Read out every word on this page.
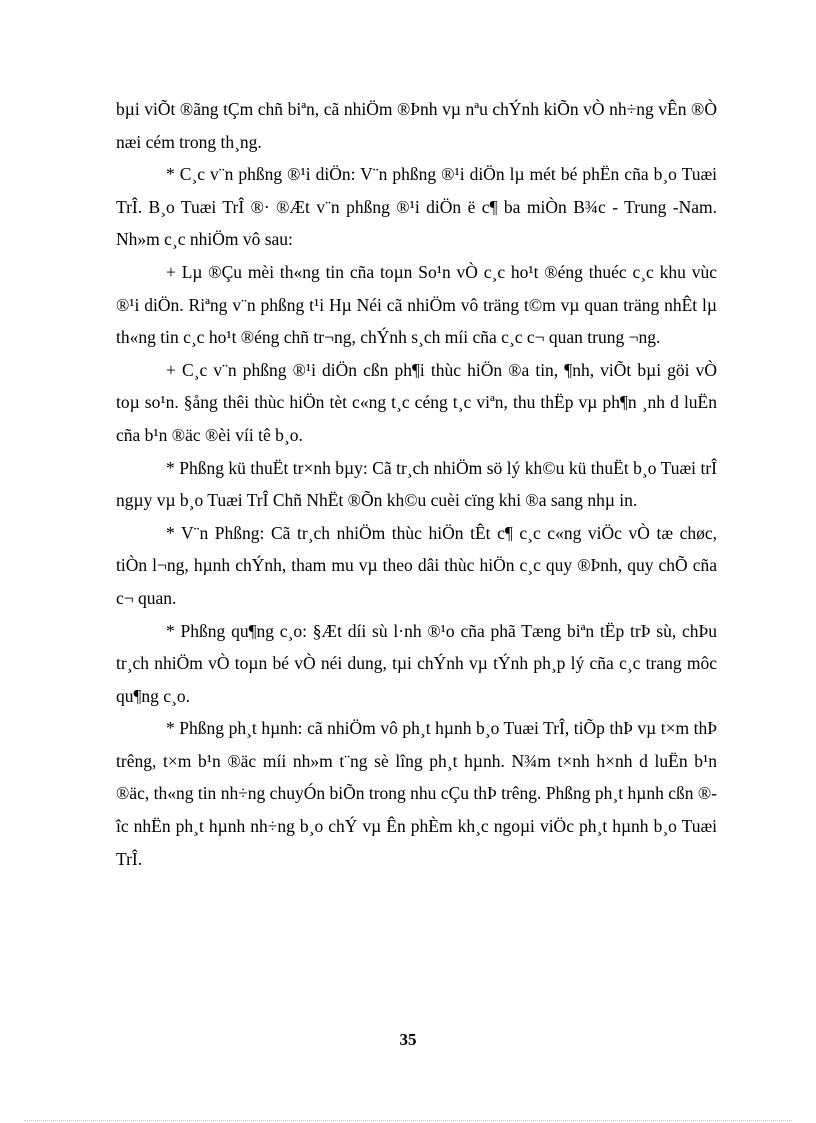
bµi viÕt ®ãng tÇm chñ biªn, cã nhiÖm ®Þnh vµ nªu chÝnh kiÕn vÒ nh÷ng vÊn ®Ò næi cém trong th¸ng.

* C¸c v¨n phßng ®¹i diÖn: V¨n phßng ®¹i diÖn lµ mét bé phËn cña b¸o Tuæi TrÎ. B¸o Tuæi TrÎ ®· ®Æt v¨n phßng ®¹i diÖn ë c¶ ba miÒn B¾c - Trung -Nam. Nh»m c¸c nhiÖm vô sau:

+ Lµ ®Çu mèi th«ng tin cña toµn So¹n vÒ c¸c ho¹t ®éng thuéc c¸c khu vùc ®¹i diÖn. Riªng v¨n phßng t¹i Hµ Néi cã nhiÖm vô träng t©m vµ quan träng nhÊt lµ th«ng tin c¸c ho¹t ®éng chñ tr¬ng, chÝnh s¸ch míi cña c¸c c¬ quan trung ¬ng.

+ C¸c v¨n phßng ®¹i diÖn cßn ph¶i thùc hiÖn ®a tin, ¶nh, viÕt bµi göi vÒ toµ so¹n. §ång thêi thùc hiÖn tèt c«ng t¸c céng t¸c viªn, thu thËp vµ ph¶n ¸nh d luËn cña b¹n ®äc ®èi víi tê b¸o.

* Phßng kü thuËt tr×nh bµy: Cã tr¸ch nhiÖm sö lý kh©u kü thuËt b¸o Tuæi trÎ ngµy vµ b¸o Tuæi TrÎ Chñ NhËt ®Õn kh©u cuèi cïng khi ®a sang nhµ in.

* V¨n Phßng: Cã tr¸ch nhiÖm thùc hiÖn tÊt c¶ c¸c c«ng viÖc vÒ tæ chøc, tiÒn l¬ng, hµnh chÝnh, tham mu vµ theo dâi thùc hiÖn c¸c quy ®Þnh, quy chÕ cña c¬ quan.

* Phßng qu¶ng c¸o: §Æt díi sù l·nh ®¹o cña phã Tæng biªn tËp trÞ sù, chÞu tr¸ch nhiÖm vÒ toµn bé vÒ néi dung, tµi chÝnh vµ tÝnh ph¸p lý cña c¸c trang môc qu¶ng c¸o.

* Phßng ph¸t hµnh: cã nhiÖm vô ph¸t hµnh b¸o Tuæi TrÎ, tiÕp thÞ vµ t×m thÞ trêng, t×m b¹n ®äc míi nh»m t¨ng sè lîng ph¸t hµnh. N¾m t×nh h×nh d luËn b¹n ®äc, th«ng tin nh÷ng chuyÓn biÕn trong nhu cÇu thÞ trêng. Phßng ph¸t hµnh cßn ®îc nhËn ph¸t hµnh nh÷ng b¸o chÝ vµ Ên phÈm kh¸c ngoµi viÖc ph¸t hµnh b¸o Tuæi TrÎ.

35
